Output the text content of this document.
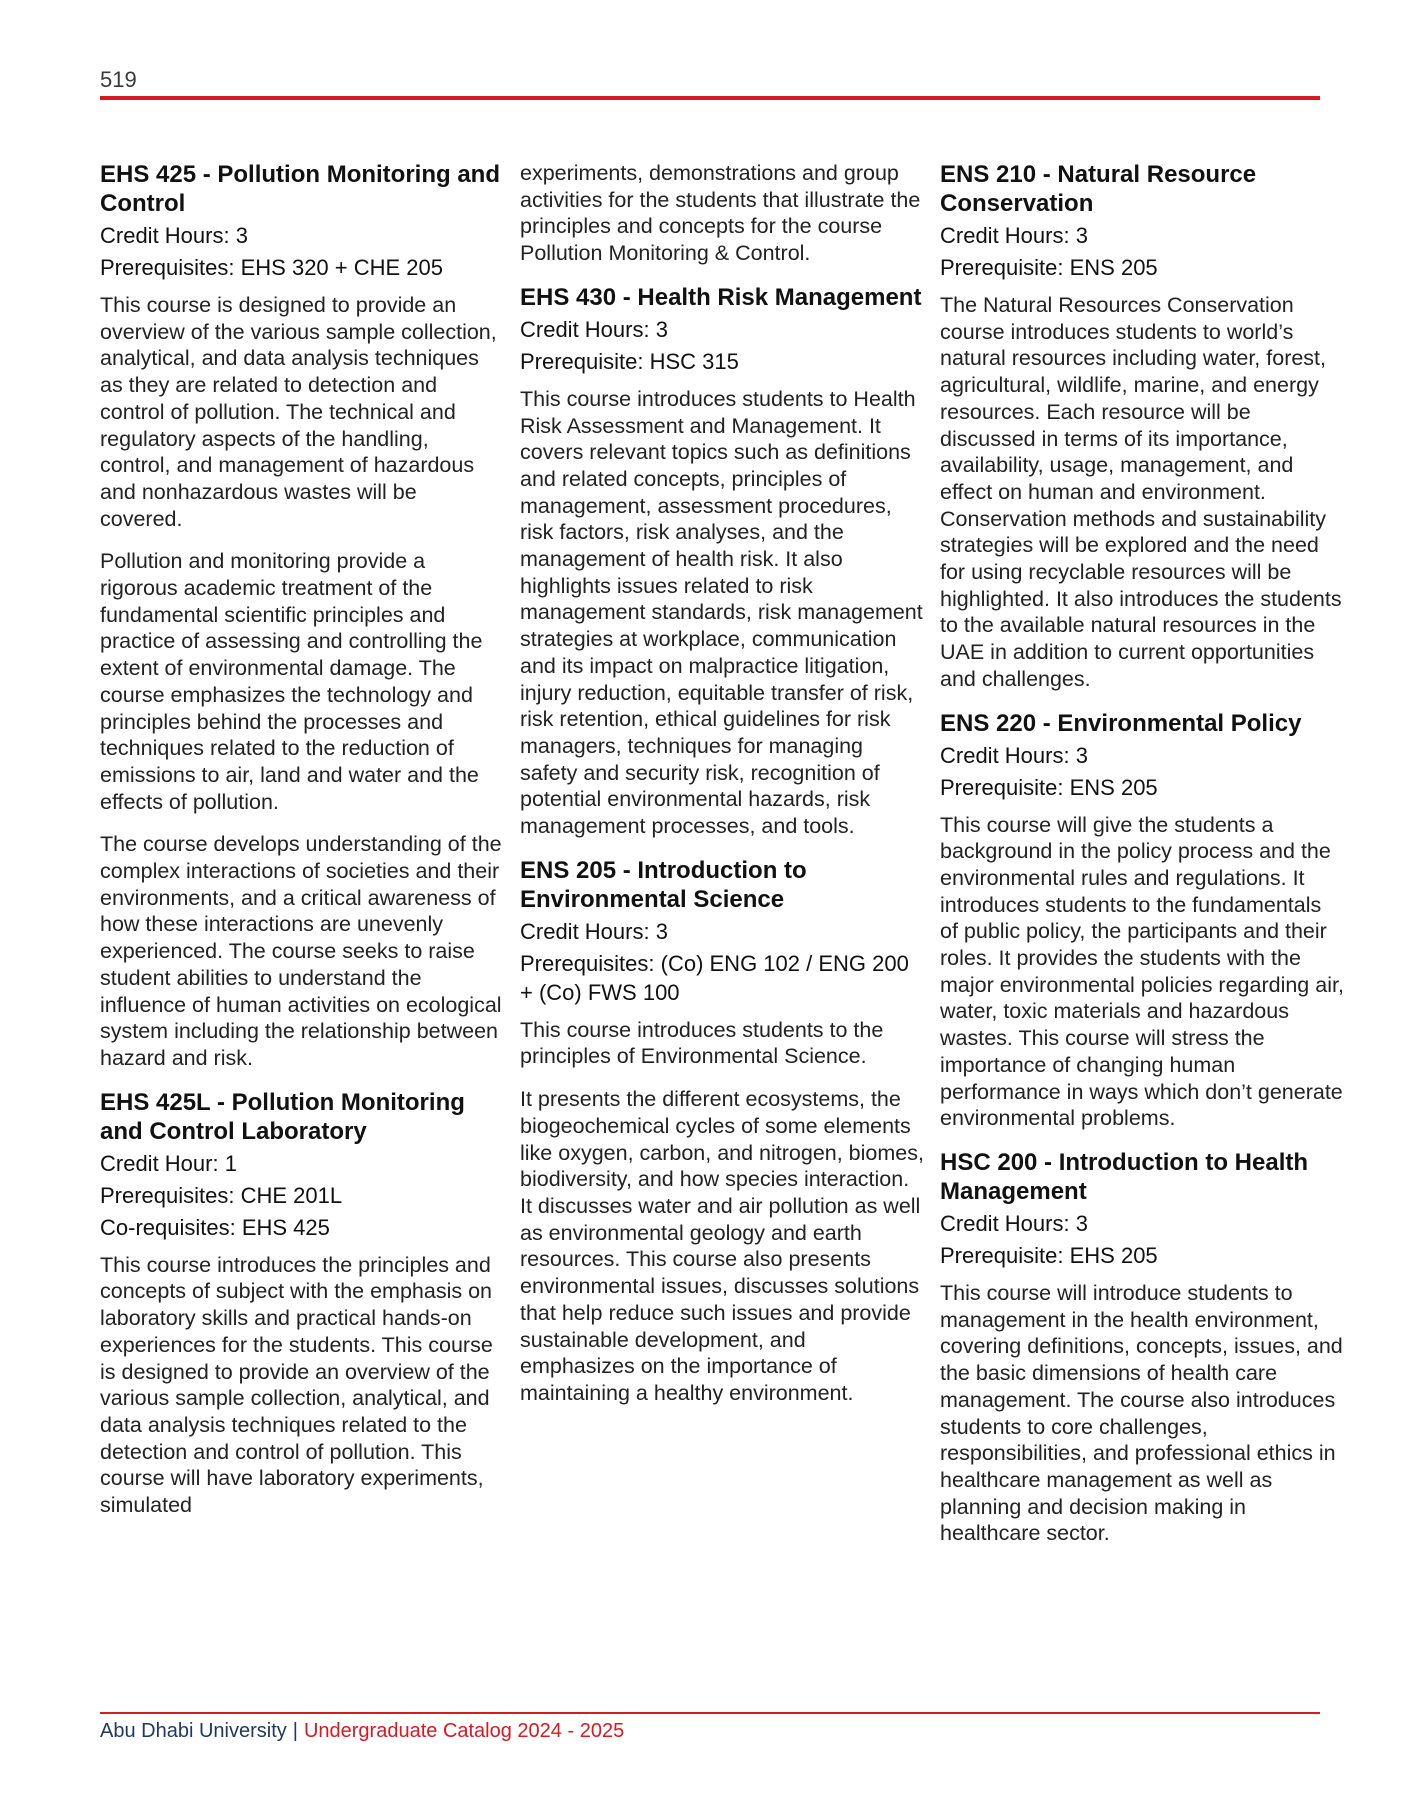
519
EHS 425 - Pollution Monitoring and Control
Credit Hours: 3
Prerequisites: EHS 320 + CHE 205

This course is designed to provide an overview of the various sample collection, analytical, and data analysis techniques as they are related to detection and control of pollution. The technical and regulatory aspects of the handling, control, and management of hazardous and nonhazardous wastes will be covered.

Pollution and monitoring provide a rigorous academic treatment of the fundamental scientific principles and practice of assessing and controlling the extent of environmental damage. The course emphasizes the technology and principles behind the processes and techniques related to the reduction of emissions to air, land and water and the effects of pollution.

The course develops understanding of the complex interactions of societies and their environments, and a critical awareness of how these interactions are unevenly experienced. The course seeks to raise student abilities to understand the influence of human activities on ecological system including the relationship between hazard and risk.

EHS 425L - Pollution Monitoring and Control Laboratory
Credit Hour: 1
Prerequisites: CHE 201L
Co-requisites: EHS 425

This course introduces the principles and concepts of subject with the emphasis on laboratory skills and practical hands-on experiences for the students. This course is designed to provide an overview of the various sample collection, analytical, and data analysis techniques related to the detection and control of pollution. This course will have laboratory experiments, simulated

experiments, demonstrations and group activities for the students that illustrate the principles and concepts for the course Pollution Monitoring & Control.

EHS 430 - Health Risk Management
Credit Hours: 3
Prerequisite: HSC 315

This course introduces students to Health Risk Assessment and Management. It covers relevant topics such as definitions and related concepts, principles of management, assessment procedures, risk factors, risk analyses, and the management of health risk. It also highlights issues related to risk management standards, risk management strategies at workplace, communication and its impact on malpractice litigation, injury reduction, equitable transfer of risk, risk retention, ethical guidelines for risk managers, techniques for managing safety and security risk, recognition of potential environmental hazards, risk management processes, and tools.

ENS 205 - Introduction to Environmental Science
Credit Hours: 3
Prerequisites: (Co) ENG 102 / ENG 200 + (Co) FWS 100

This course introduces students to the principles of Environmental Science.

It presents the different ecosystems, the biogeochemical cycles of some elements like oxygen, carbon, and nitrogen, biomes, biodiversity, and how species interaction. It discusses water and air pollution as well as environmental geology and earth resources. This course also presents environmental issues, discusses solutions that help reduce such issues and provide sustainable development, and emphasizes on the importance of maintaining a healthy environment.

ENS 210 - Natural Resource Conservation
Credit Hours: 3
Prerequisite: ENS 205

The Natural Resources Conservation course introduces students to world’s natural resources including water, forest, agricultural, wildlife, marine, and energy resources. Each resource will be discussed in terms of its importance, availability, usage, management, and effect on human and environment. Conservation methods and sustainability strategies will be explored and the need for using recyclable resources will be highlighted. It also introduces the students to the available natural resources in the UAE in addition to current opportunities and challenges.

ENS 220 - Environmental Policy
Credit Hours: 3
Prerequisite: ENS 205

This course will give the students a background in the policy process and the environmental rules and regulations. It introduces students to the fundamentals of public policy, the participants and their roles. It provides the students with the major environmental policies regarding air, water, toxic materials and hazardous wastes. This course will stress the importance of changing human performance in ways which don’t generate environmental problems.

HSC 200 - Introduction to Health Management
Credit Hours: 3
Prerequisite: EHS 205

This course will introduce students to management in the health environment, covering definitions, concepts, issues, and the basic dimensions of health care management. The course also introduces students to core challenges, responsibilities, and professional ethics in healthcare management as well as planning and decision making in healthcare sector.

Abu Dhabi University | Undergraduate Catalog 2024 - 2025
